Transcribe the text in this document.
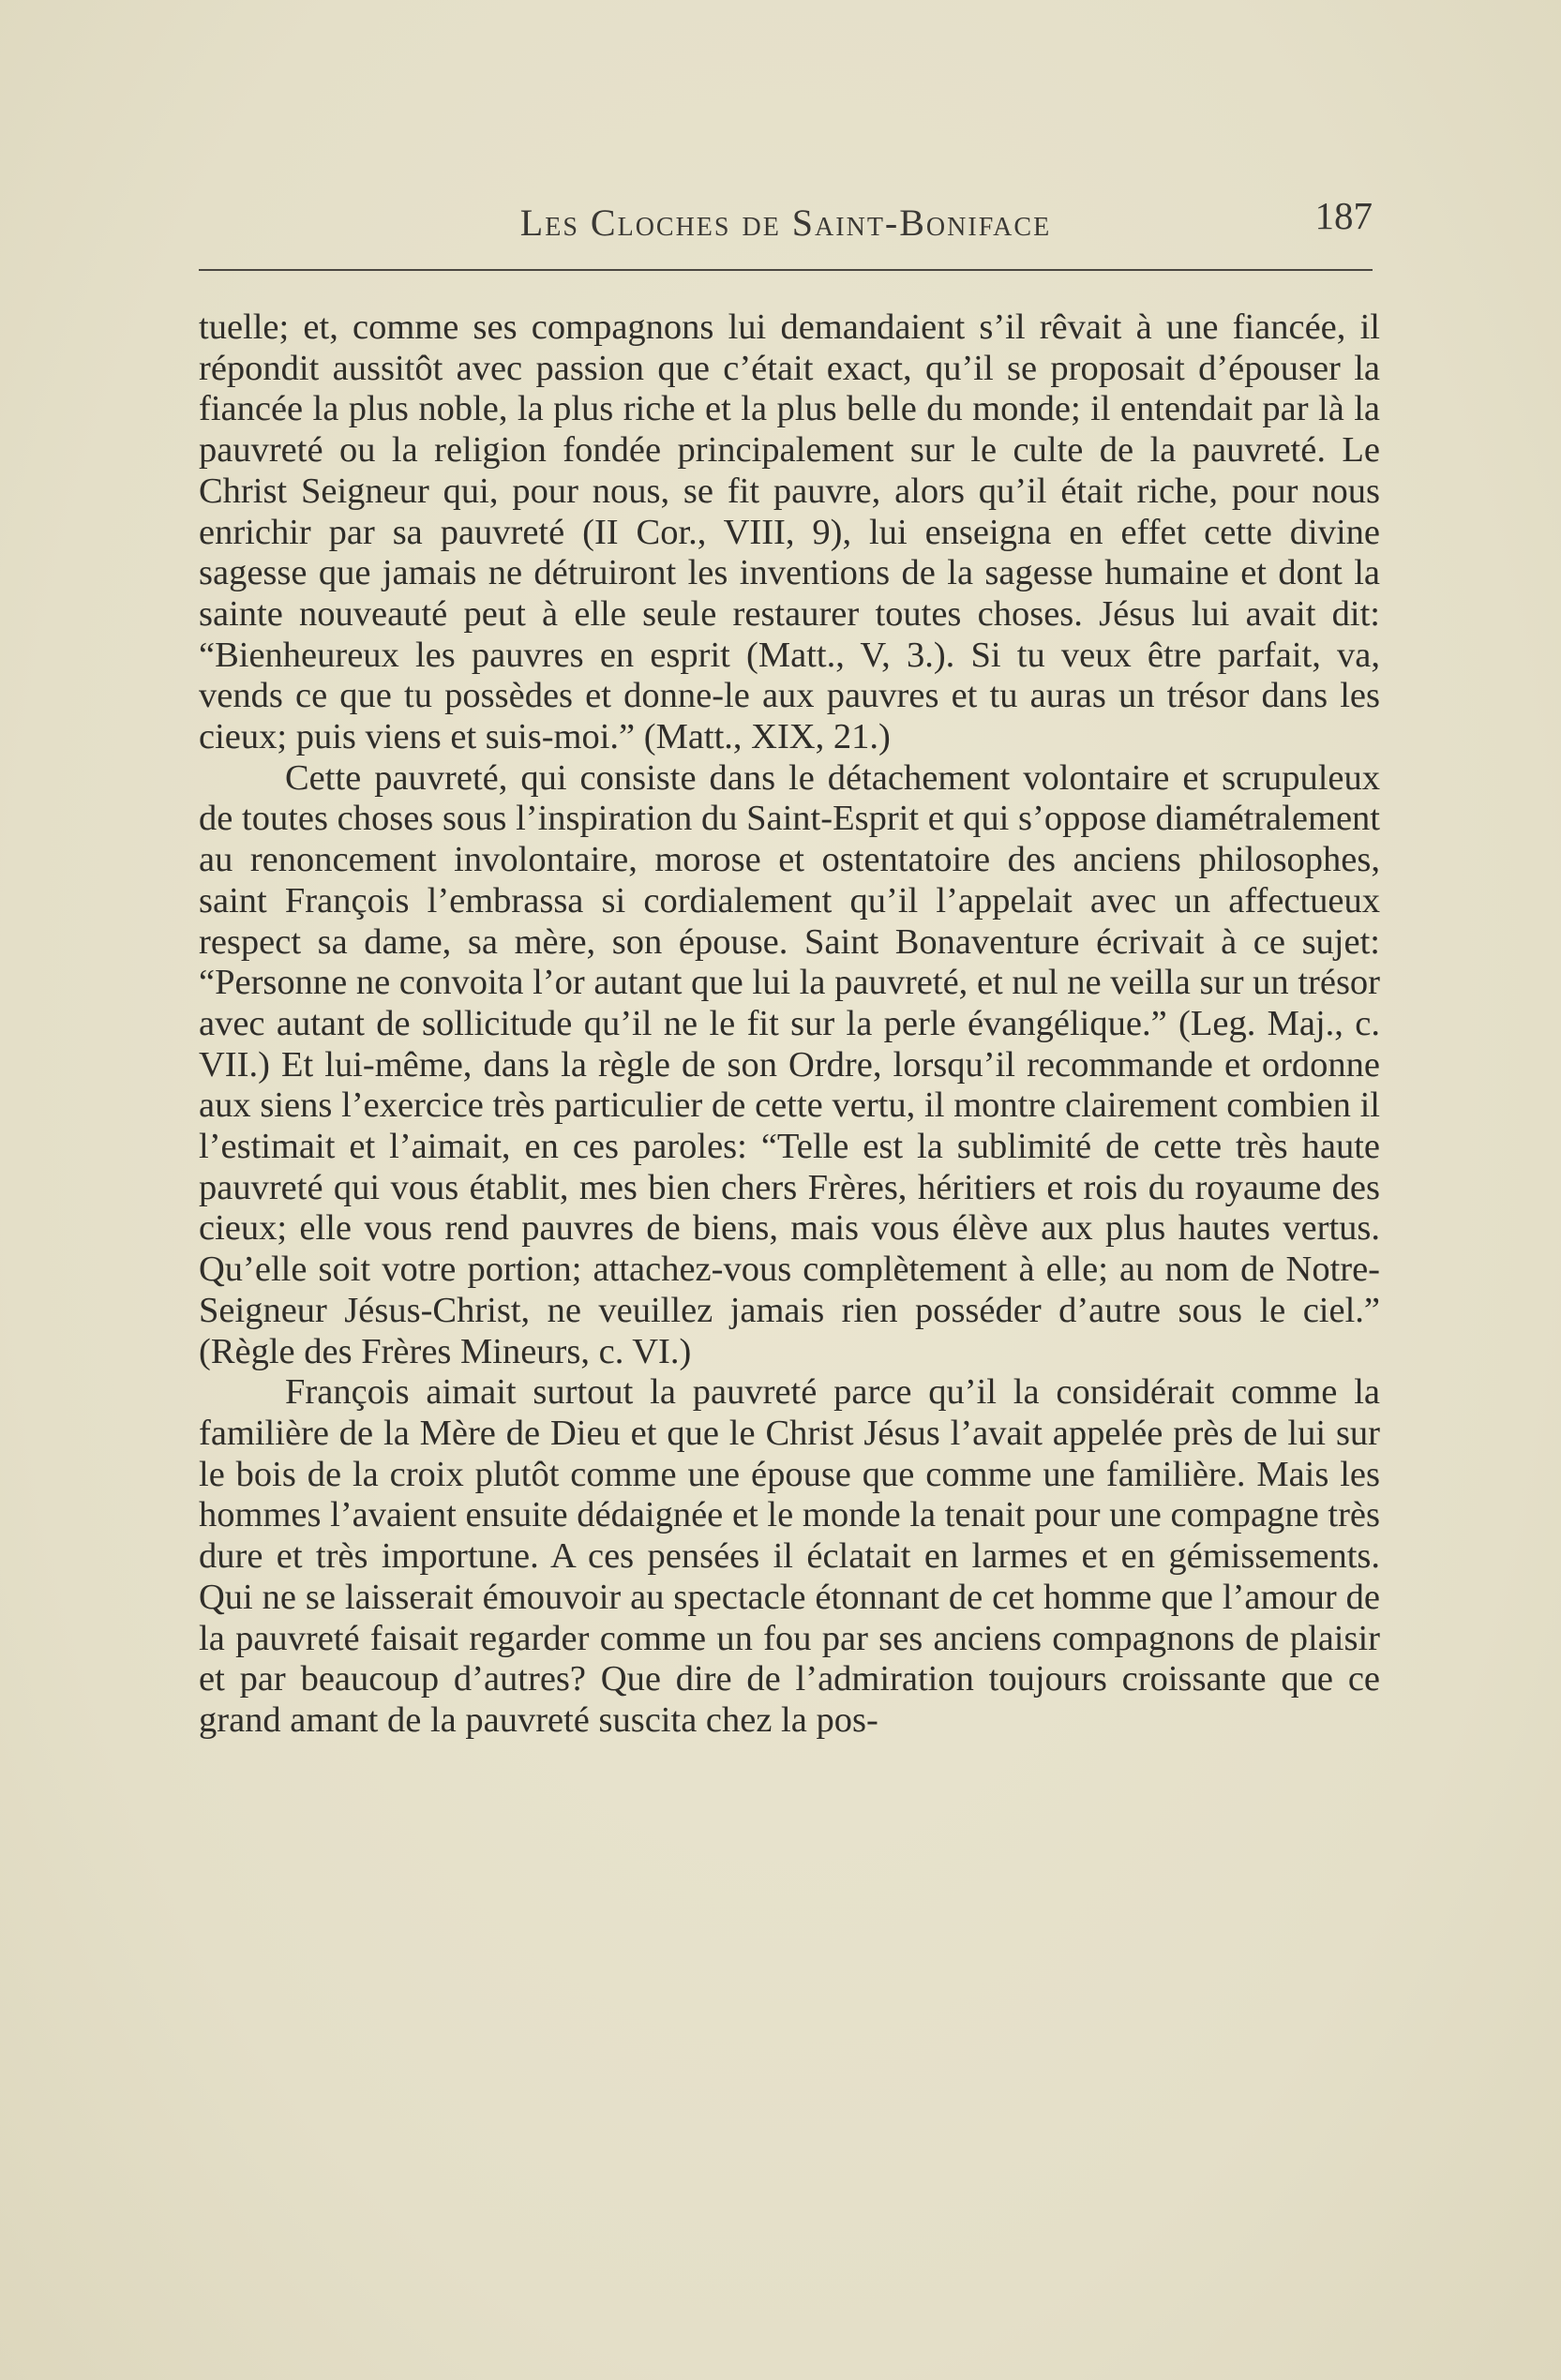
Les Cloches de Saint-Boniface	187

tuelle; et, comme ses compagnons lui demandaient s’il rêvait à une fiancée, il répondit aussitôt avec passion que c’était exact, qu’il se proposait d’épouser la fiancée la plus noble, la plus riche et la plus belle du monde; il entendait par là la pauvreté ou la religion fondée principalement sur le culte de la pauvreté. Le Christ Seigneur qui, pour nous, se fit pauvre, alors qu’il était riche, pour nous enrichir par sa pauvreté (II Cor., VIII, 9), lui enseigna en effet cette divine sagesse que jamais ne détruiront les inventions de la sagesse humaine et dont la sainte nouveauté peut à elle seule restaurer toutes choses. Jésus lui avait dit: “Bienheureux les pauvres en esprit (Matt., V, 3.). Si tu veux être parfait, va, vends ce que tu possèdes et donne-le aux pauvres et tu auras un trésor dans les cieux; puis viens et suis-moi.” (Matt., XIX, 21.)

Cette pauvreté, qui consiste dans le détachement volontaire et scrupuleux de toutes choses sous l’inspiration du Saint-Esprit et qui s’oppose diamétralement au renoncement involontaire, morose et ostentatoire des anciens philosophes, saint François l’embrassa si cordialement qu’il l’appelait avec un affectueux respect sa dame, sa mère, son épouse. Saint Bonaventure écrivait à ce sujet: “Personne ne convoita l’or autant que lui la pauvreté, et nul ne veilla sur un trésor avec autant de sollicitude qu’il ne le fit sur la perle évangélique.” (Leg. Maj., c. VII.) Et lui-même, dans la règle de son Ordre, lorsqu’il recommande et ordonne aux siens l’exercice très particulier de cette vertu, il montre clairement combien il l’estimait et l’aimait, en ces paroles: “Telle est la sublimité de cette très haute pauvreté qui vous établit, mes bien chers Frères, héritiers et rois du royaume des cieux; elle vous rend pauvres de biens, mais vous élève aux plus hautes vertus. Qu’elle soit votre portion; attachez-vous complètement à elle; au nom de Notre-Seigneur Jésus-Christ, ne veuillez jamais rien posséder d’autre sous le ciel.” (Règle des Frères Mineurs, c. VI.)

François aimait surtout la pauvreté parce qu’il la considérait comme la familière de la Mère de Dieu et que le Christ Jésus l’avait appelée près de lui sur le bois de la croix plutôt comme une épouse que comme une familière. Mais les hommes l’avaient ensuite dédaignée et le monde la tenait pour une compagne très dure et très importune. A ces pensées il éclatait en larmes et en gémissements. Qui ne se laisserait émouvoir au spectacle étonnant de cet homme que l’amour de la pauvreté faisait regarder comme un fou par ses anciens compagnons de plaisir et par beaucoup d’autres? Que dire de l’admiration toujours croissante que ce grand amant de la pauvreté suscita chez la pos-
